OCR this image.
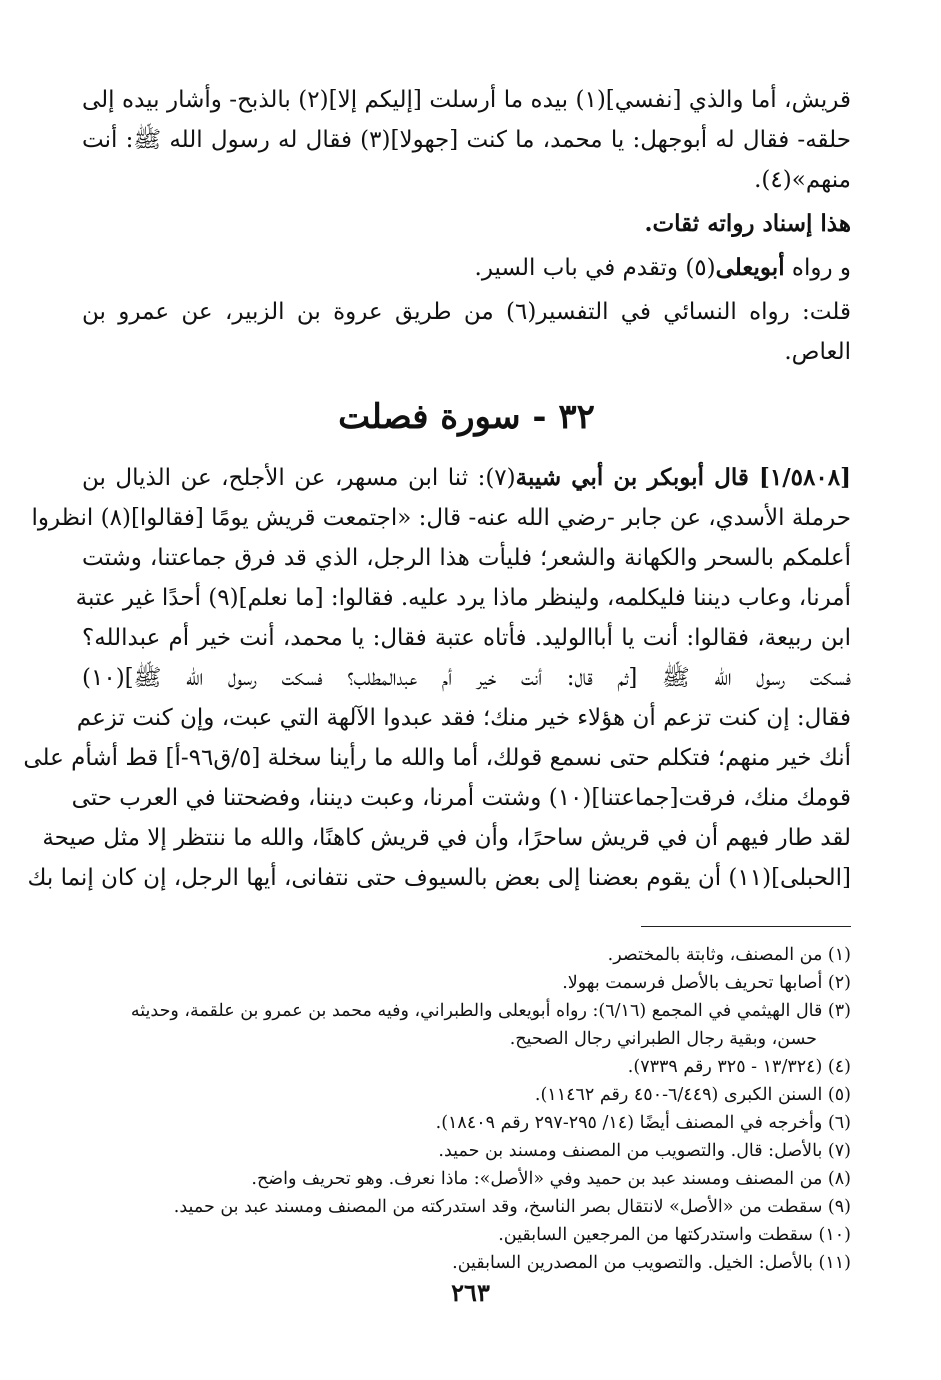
قريش، أما والذي [نفسي](١) بيده ما أرسلت [إليكم إلا](٢) بالذبح- وأشار بيده إلى
حلقه- فقال له أبوجهل: يا محمد، ما كنت [جهولا](٣) فقال له رسول الله ﷺ: أنت
منهم»(٤).

هذا إسناد رواته ثقات.

و رواه أبويعلى(٥) وتقدم في باب السير.

قلت: رواه النسائي في التفسير(٦) من طريق عروة بن الزبير، عن عمرو بن العاص.

٣٢ - سورة فصلت

[١/٥٨٠٨] قال أبوبكر بن أبي شيبة(٧): ثنا ابن مسهر، عن الأجلح، عن الذيال بن
حرملة الأسدي، عن جابر -رضي الله عنه- قال: «اجتمعت قريش يومًا [فقالوا](٨) انظروا
أعلمكم بالسحر والكهانة والشعر؛ فليأت هذا الرجل، الذي قد فرق جماعتنا، وشتت
أمرنا، وعاب ديننا فليكلمه، ولينظر ماذا يرد عليه. فقالوا: [ما نعلم](٩) أحدًا غير عتبة
ابن ربيعة، فقالوا: أنت يا أباالوليد. فأتاه عتبة فقال: يا محمد، أنت خير أم عبدالله؟
فسكت رسول الله ﷺ [ثم قال: أنت خير أم عبدالمطلب؟ فسكت رسول الله ﷺ](١٠)
فقال: إن كنت تزعم أن هؤلاء خير منك؛ فقد عبدوا الآلهة التي عبت، وإن كنت تزعم
أنك خير منهم؛ فتكلم حتى نسمع قولك، أما والله ما رأينا سخلة [٥/ق٩٦-أ] قط أشأم على
قومك منك، فرقت[جماعتنا](١٠) وشتت أمرنا، وعبت ديننا، وفضحتنا في العرب حتى
لقد طار فيهم أن في قريش ساحرًا، وأن في قريش كاهنًا، والله ما ننتظر إلا مثل صيحة
[الحبلى](١١) أن يقوم بعضنا إلى بعض بالسيوف حتى نتفانى، أيها الرجل، إن كان إنما بك

(١) من المصنف، وثابتة بالمختصر.

(٢) أصابها تحريف بالأصل فرسمت بهولا.

(٣) قال الهيثمي في المجمع (٦/١٦): رواه أبويعلى والطبراني، وفيه محمد بن عمرو بن علقمة، وحديثه

حسن، وبقية رجال الطبراني رجال الصحيح.

(٤) (١٣/٣٢٤ - ٣٢٥ رقم ٧٣٣٩).

(٥) السنن الكبرى (٦/٤٤٩-٤٥٠ رقم ١١٤٦٢).

(٦) وأخرجه في المصنف أيضًا (١٤/ ٢٩٥-٢٩٧ رقم ١٨٤٠٩).

(٧) بالأصل: قال. والتصويب من المصنف ومسند بن حميد.

(٨) من المصنف ومسند عبد بن حميد وفي «الأصل»: ماذا نعرف. وهو تحريف واضح.

(٩) سقطت من «الأصل» لانتقال بصر الناسخ، وقد استدركته من المصنف ومسند عبد بن حميد.

(١٠) سقطت واستدركتها من المرجعين السابقين.

(١١) بالأصل: الخيل. والتصويب من المصدرين السابقين.

٢٦٣
